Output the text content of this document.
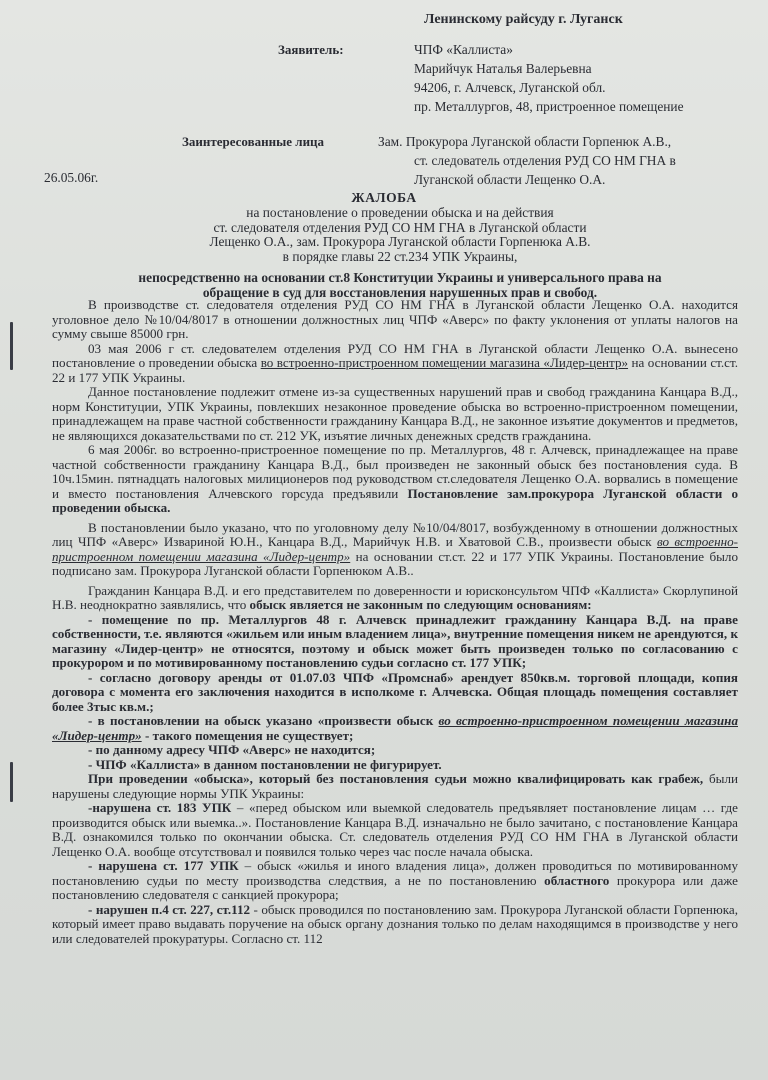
Ленинскому райсуду г. Луганск
Заявитель:	ЧПФ «Каллиста»
Марийчук Наталья Валерьевна
94206, г. Алчевск, Луганской обл.
пр. Металлургов, 48, пристроенное помещение
Заинтересованные лица	Зам. Прокурора Луганской области Горпенюк А.В.,
ст. следователь отделения РУД СО НМ ГНА в
Луганской области Лещенко О.А.
26.05.06г.
ЖАЛОБА
на постановление о проведении обыска и на действия
ст. следователя отделения РУД СО НМ ГНА в Луганской области
Лещенко О.А., зам. Прокурора Луганской области Горпенюка А.В.
в порядке главы 22 ст.234 УПК Украины,
непосредственно на основании ст.8 Конституции Украины и универсального права на
обращение в суд для восстановления нарушенных прав и свобод.

В производстве ст. следователя отделения РУД СО НМ ГНА в Луганской области Лещенко О.А. находится уголовное дело №10/04/8017 в отношении должностных лиц ЧПФ «Аверс» по факту уклонения от уплаты налогов на сумму свыше 85000 грн.

03 мая 2006 г ст. следователем отделения РУД СО НМ ГНА в Луганской области Лещенко О.А. вынесено постановление о проведении обыска во встроенно-пристроенном помещении магазина «Лидер-центр» на основании ст.ст. 22 и 177 УПК Украины.

Данное постановление подлежит отмене из-за существенных нарушений прав и свобод гражданина Канцара В.Д., норм Конституции, УПК Украины, повлекших незаконное проведение обыска во встроенно-пристроенном помещении, принадлежащем на праве частной собственности гражданину Канцара В.Д., не законное изъятие документов и предметов, не являющихся доказательствами по ст. 212 УК, изъятие личных денежных средств гражданина.

6 мая 2006г. во встроенно-пристроенное помещение по пр. Металлургов, 48 г. Алчевск, принадлежащее на праве частной собственности гражданину Канцара В.Д., был произведен не законный обыск без постановления суда. В 10ч.15мин. пятнадцать налоговых милиционеров под руководством ст.следователя Лещенко О.А. ворвались в помещение и вместо постановления Алчевского горсуда предъявили Постановление зам.прокурора Луганской области о проведении обыска.

В постановлении было указано, что по уголовному делу №10/04/8017, возбужденному в отношении должностных лиц ЧПФ «Аверс» Извариной Ю.Н., Канцара В.Д., Марийчук Н.В. и Хватовой С.В., произвести обыск во встроенно-пристроенном помещении магазина «Лидер-центр» на основании ст.ст. 22 и 177 УПК Украины. Постановление было подписано зам. Прокурора Луганской области Горпенюком А.В..

Гражданин Канцара В.Д. и его представителем по доверенности и юрисконсультом ЧПФ «Каллиста» Скорлупиной Н.В. неоднократно заявлялись, что обыск является не законным по следующим основаниям:

- помещение по пр. Металлургов 48 г. Алчевск принадлежит гражданину Канцара В.Д. на праве собственности, т.е. являются «жильем или иным владением лица», внутренние помещения никем не арендуются, к магазину «Лидер-центр» не относятся, поэтому и обыск может быть произведен только по согласованию с прокурором и по мотивированному постановлению судьи согласно ст. 177 УПК;

- согласно договору аренды от 01.07.03 ЧПФ «Промснаб» арендует 850кв.м. торговой площади, копия договора с момента его заключения находится в исполкоме г. Алчевска. Общая площадь помещения составляет более 3тыс кв.м.;

- в постановлении на обыск указано «произвести обыск во встроенно-пристроенном помещении магазина «Лидер-центр» - такого помещения не существует;

- по данному адресу ЧПФ «Аверс» не находится;

- ЧПФ «Каллиста» в данном постановлении не фигурирует.

При проведении «обыска», который без постановления судьи можно квалифицировать как грабеж, были нарушены следующие нормы УПК Украины:

-нарушена ст. 183 УПК – «перед обыском или выемкой следователь предъявляет постановление лицам … где производится обыск или выемка..». Постановление Канцара В.Д. изначально не было зачитано, с постановление Канцара В.Д. ознакомился только по окончании обыска. Ст. следователь отделения РУД СО НМ ГНА в Луганской области Лещенко О.А. вообще отсутствовал и появился только через час после начала обыска.

- нарушена ст. 177 УПК – обыск «жилья и иного владения лица», должен проводиться по мотивированному постановлению судьи по месту производства следствия, а не по постановлению областного прокурора или даже постановлению следователя с санкцией прокурора;

- нарушен п.4 ст. 227, ст.112 - обыск проводился по постановлению зам. Прокурора Луганской области Горпенюка, который имеет право выдавать поручение на обыск органу дознания только по делам находящимся в производстве у него или следователей прокуратуры. Согласно ст. 112
